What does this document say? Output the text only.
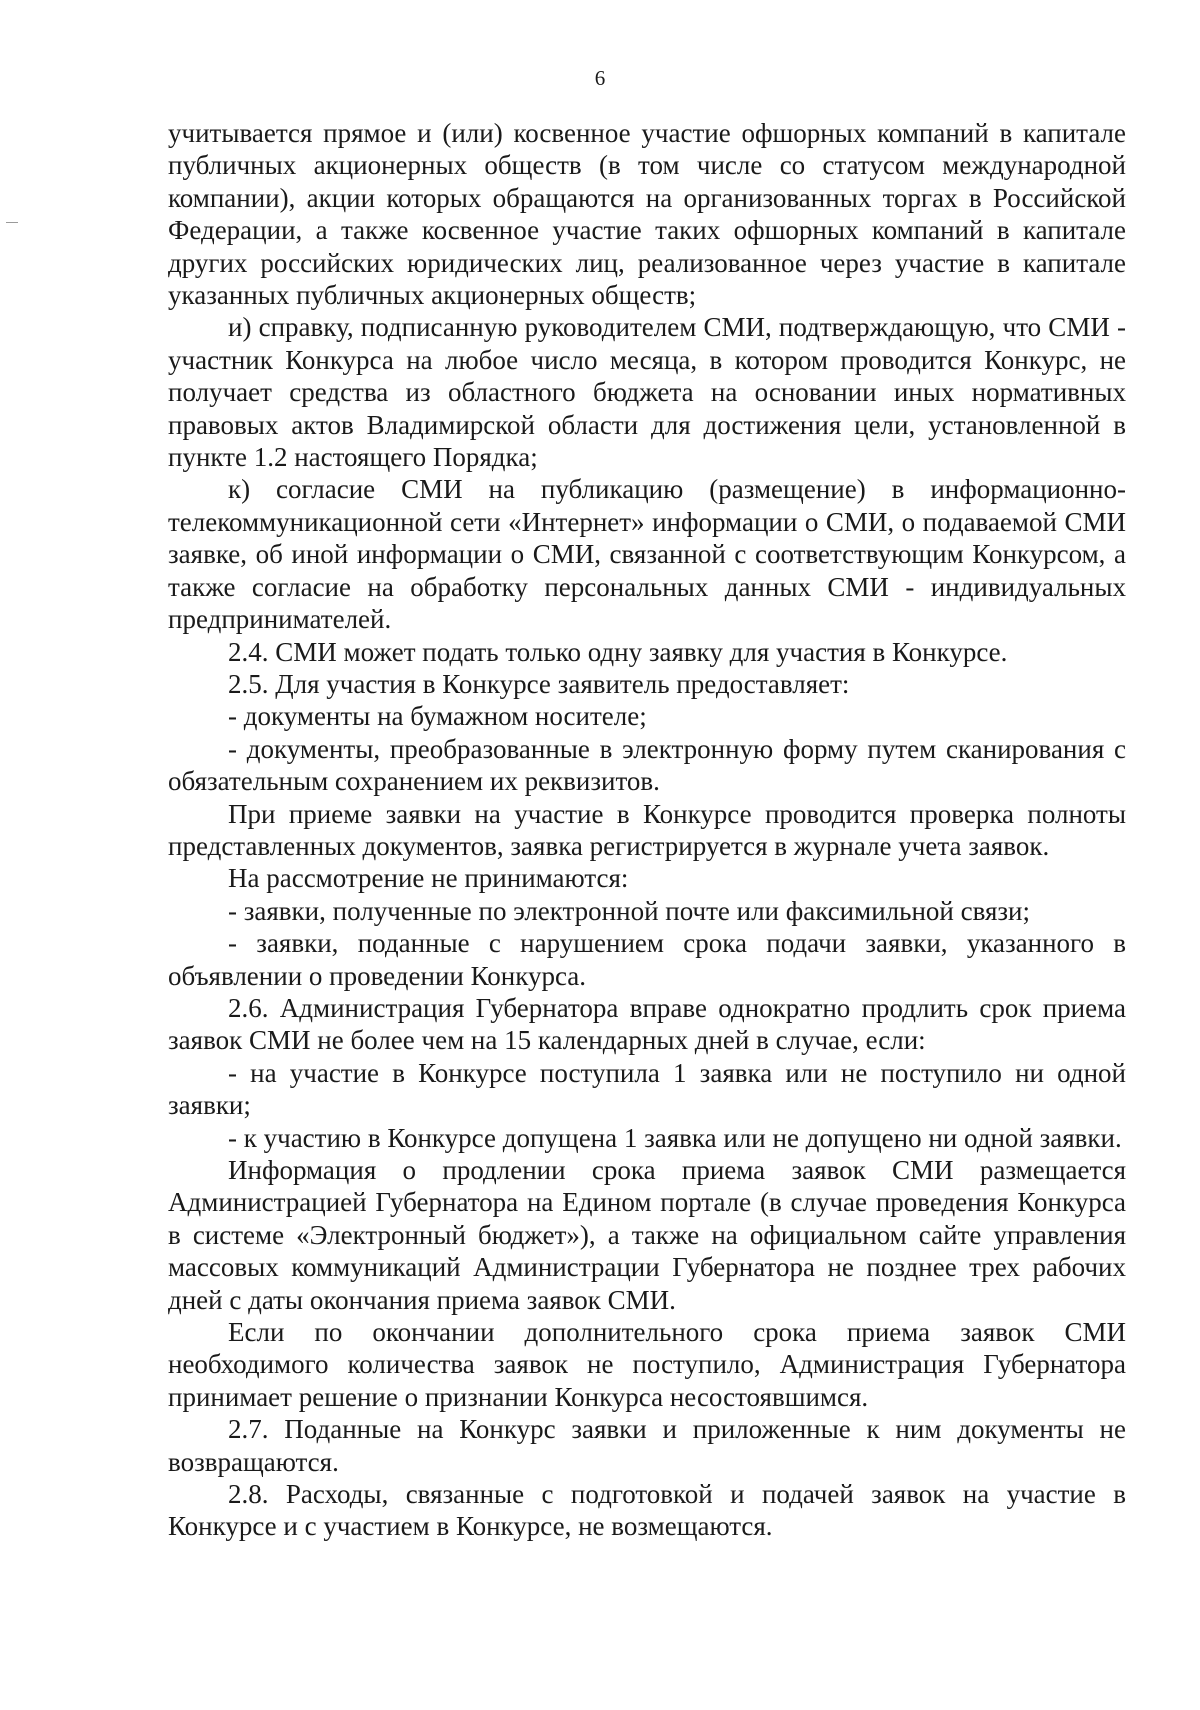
6

учитывается прямое и (или) косвенное участие офшорных компаний в капитале публичных акционерных обществ (в том числе со статусом международной компании), акции которых обращаются на организованных торгах в Российской Федерации, а также косвенное участие таких офшорных компаний в капитале других российских юридических лиц, реализованное через участие в капитале указанных публичных акционерных обществ;

и) справку, подписанную руководителем СМИ, подтверждающую, что СМИ - участник Конкурса на любое число месяца, в котором проводится Конкурс, не получает средства из областного бюджета на основании иных нормативных правовых актов Владимирской области для достижения цели, установленной в пункте 1.2 настоящего Порядка;

к) согласие СМИ на публикацию (размещение) в информационно-телекоммуникационной сети «Интернет» информации о СМИ, о подаваемой СМИ заявке, об иной информации о СМИ, связанной с соответствующим Конкурсом, а также согласие на обработку персональных данных СМИ - индивидуальных предпринимателей.

2.4. СМИ может подать только одну заявку для участия в Конкурсе.

2.5. Для участия в Конкурсе заявитель предоставляет:

- документы на бумажном носителе;

- документы, преобразованные в электронную форму путем сканирования с обязательным сохранением их реквизитов.

При приеме заявки на участие в Конкурсе проводится проверка полноты представленных документов, заявка регистрируется в журнале учета заявок.

На рассмотрение не принимаются:

- заявки, полученные по электронной почте или факсимильной связи;

- заявки, поданные с нарушением срока подачи заявки, указанного в объявлении о проведении Конкурса.

2.6. Администрация Губернатора вправе однократно продлить срок приема заявок СМИ не более чем на 15 календарных дней в случае, если:

- на участие в Конкурсе поступила 1 заявка или не поступило ни одной заявки;

- к участию в Конкурсе допущена 1 заявка или не допущено ни одной заявки.

Информация о продлении срока приема заявок СМИ размещается Администрацией Губернатора на Едином портале (в случае проведения Конкурса в системе «Электронный бюджет»), а также на официальном сайте управления массовых коммуникаций Администрации Губернатора не позднее трех рабочих дней с даты окончания приема заявок СМИ.

Если по окончании дополнительного срока приема заявок СМИ необходимого количества заявок не поступило, Администрация Губернатора принимает решение о признании Конкурса несостоявшимся.

2.7. Поданные на Конкурс заявки и приложенные к ним документы не возвращаются.

2.8. Расходы, связанные с подготовкой и подачей заявок на участие в Конкурсе и с участием в Конкурсе, не возмещаются.
